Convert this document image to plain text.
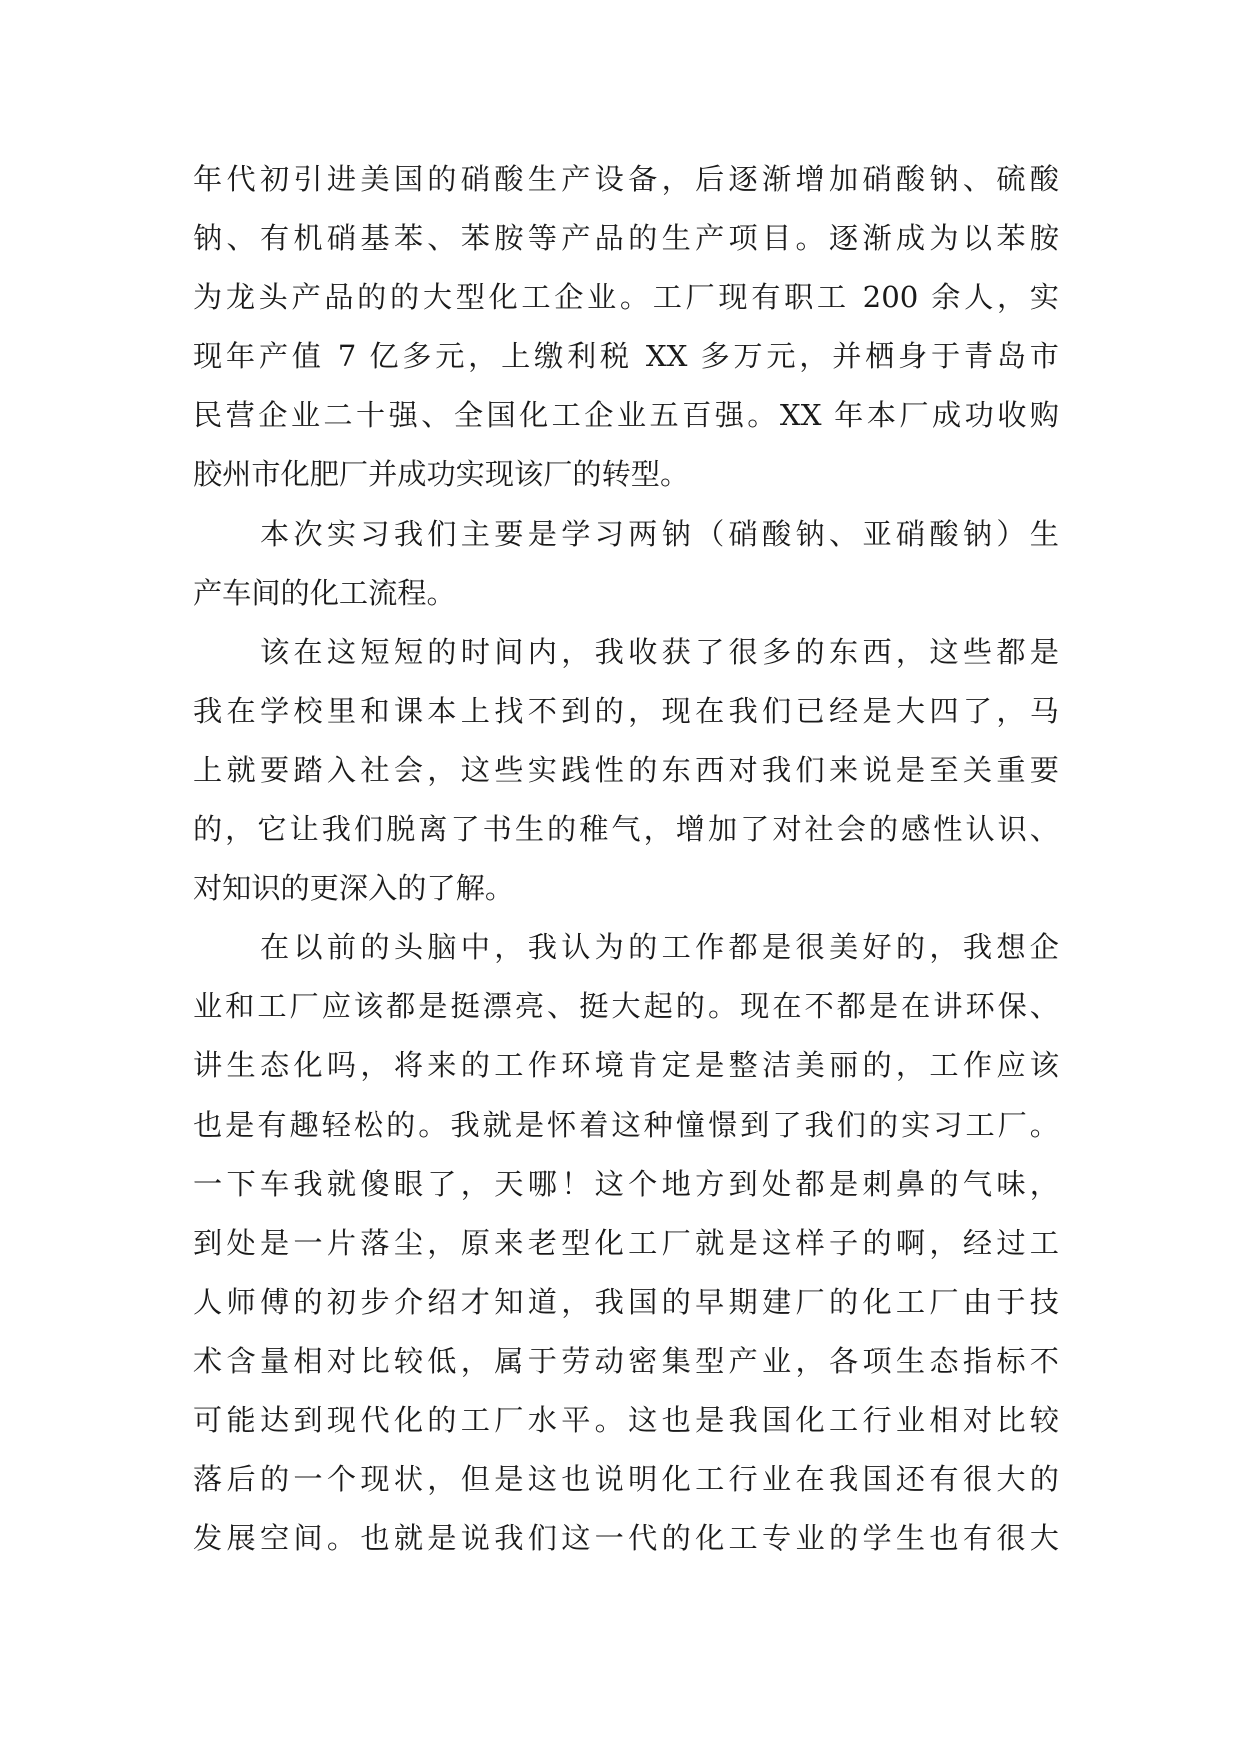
年代初引进美国的硝酸生产设备，后逐渐增加硝酸钠、硫酸
钠、有机硝基苯、苯胺等产品的生产项目。逐渐成为以苯胺
为龙头产品的的大型化工企业。工厂现有职工 200 余人，实
现年产值 7 亿多元，上缴利税 XX 多万元，并栖身于青岛市
民营企业二十强、全国化工企业五百强。XX 年本厂成功收购
胶州市化肥厂并成功实现该厂的转型。
　　本次实习我们主要是学习两钠（硝酸钠、亚硝酸钠）生
产车间的化工流程。
　　该在这短短的时间内，我收获了很多的东西，这些都是
我在学校里和课本上找不到的，现在我们已经是大四了，马
上就要踏入社会，这些实践性的东西对我们来说是至关重要
的，它让我们脱离了书生的稚气，增加了对社会的感性认识、
对知识的更深入的了解。
　　在以前的头脑中，我认为的工作都是很美好的，我想企
业和工厂应该都是挺漂亮、挺大起的。现在不都是在讲环保、
讲生态化吗，将来的工作环境肯定是整洁美丽的，工作应该
也是有趣轻松的。我就是怀着这种憧憬到了我们的实习工厂。
一下车我就傻眼了，天哪！这个地方到处都是刺鼻的气味，
到处是一片落尘，原来老型化工厂就是这样子的啊，经过工
人师傅的初步介绍才知道，我国的早期建厂的化工厂由于技
术含量相对比较低，属于劳动密集型产业，各项生态指标不
可能达到现代化的工厂水平。这也是我国化工行业相对比较
落后的一个现状，但是这也说明化工行业在我国还有很大的
发展空间。也就是说我们这一代的化工专业的学生也有很大
